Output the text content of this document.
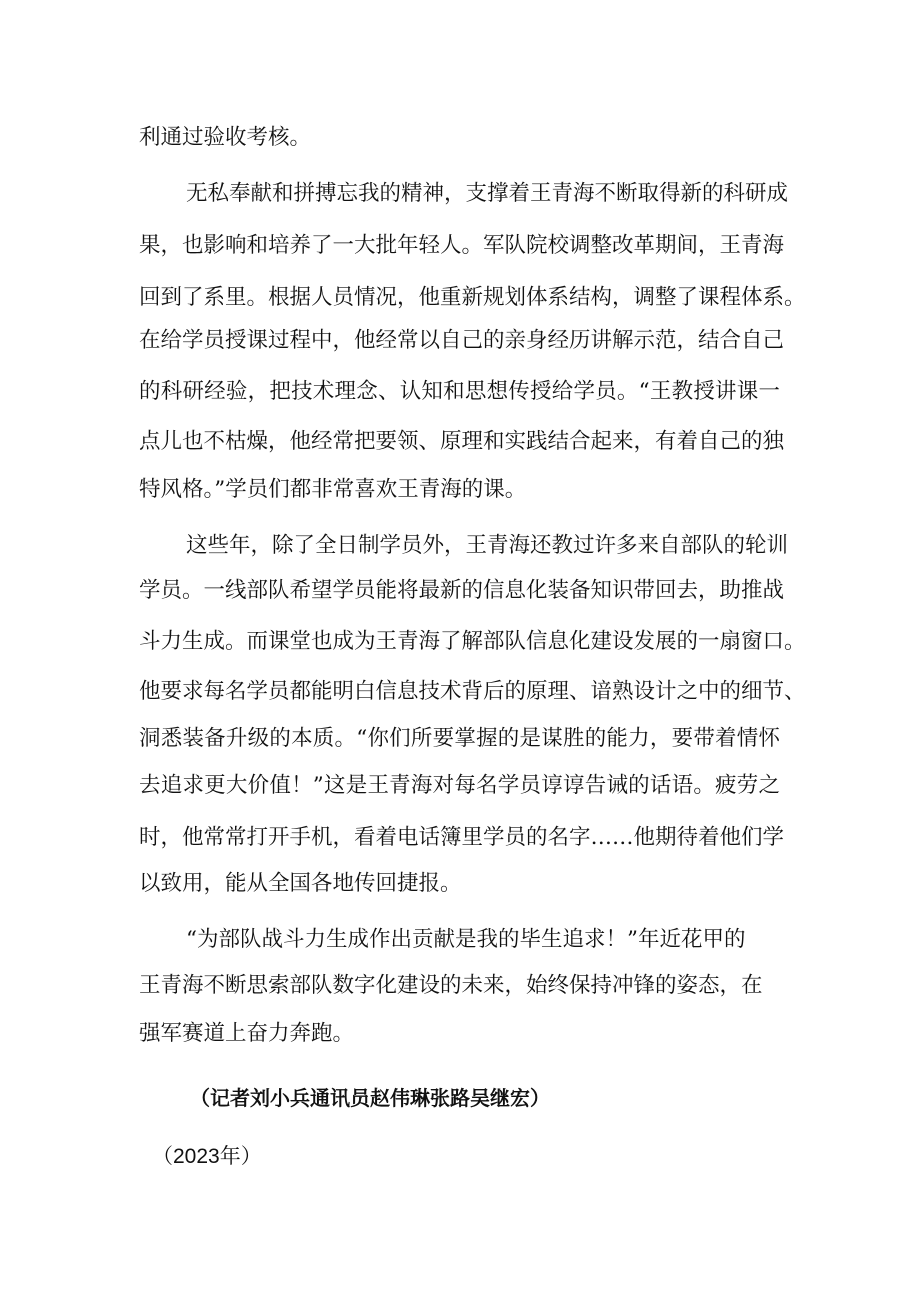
利通过验收考核。

无私奉献和拼搏忘我的精神，支撑着王青海不断取得新的科研成

果，也影响和培养了一大批年轻人。军队院校调整改革期间，王青海

回到了系里。根据人员情况，他重新规划体系结构，调整了课程体系。

在给学员授课过程中，他经常以自己的亲身经历讲解示范，结合自己

的科研经验，把技术理念、认知和思想传授给学员。“王教授讲课一

点儿也不枯燥，他经常把要领、原理和实践结合起来，有着自己的独

特风格。”学员们都非常喜欢王青海的课。

这些年，除了全日制学员外，王青海还教过许多来自部队的轮训

学员。一线部队希望学员能将最新的信息化装备知识带回去，助推战

斗力生成。而课堂也成为王青海了解部队信息化建设发展的一扇窗口。

他要求每名学员都能明白信息技术背后的原理、谙熟设计之中的细节、

洞悉装备升级的本质。“你们所要掌握的是谋胜的能力，要带着情怀

去追求更大价值！”这是王青海对每名学员谆谆告诫的话语。疲劳之

时，他常常打开手机，看着电话簿里学员的名字……他期待着他们学

以致用，能从全国各地传回捷报。

“为部队战斗力生成作出贡献是我的毕生追求！”年近花甲的

王青海不断思索部队数字化建设的未来，始终保持冲锋的姿态，在

强军赛道上奋力奔跑。

（记者刘小兵通讯员赵伟琳张路吴继宏）

（2023年）
